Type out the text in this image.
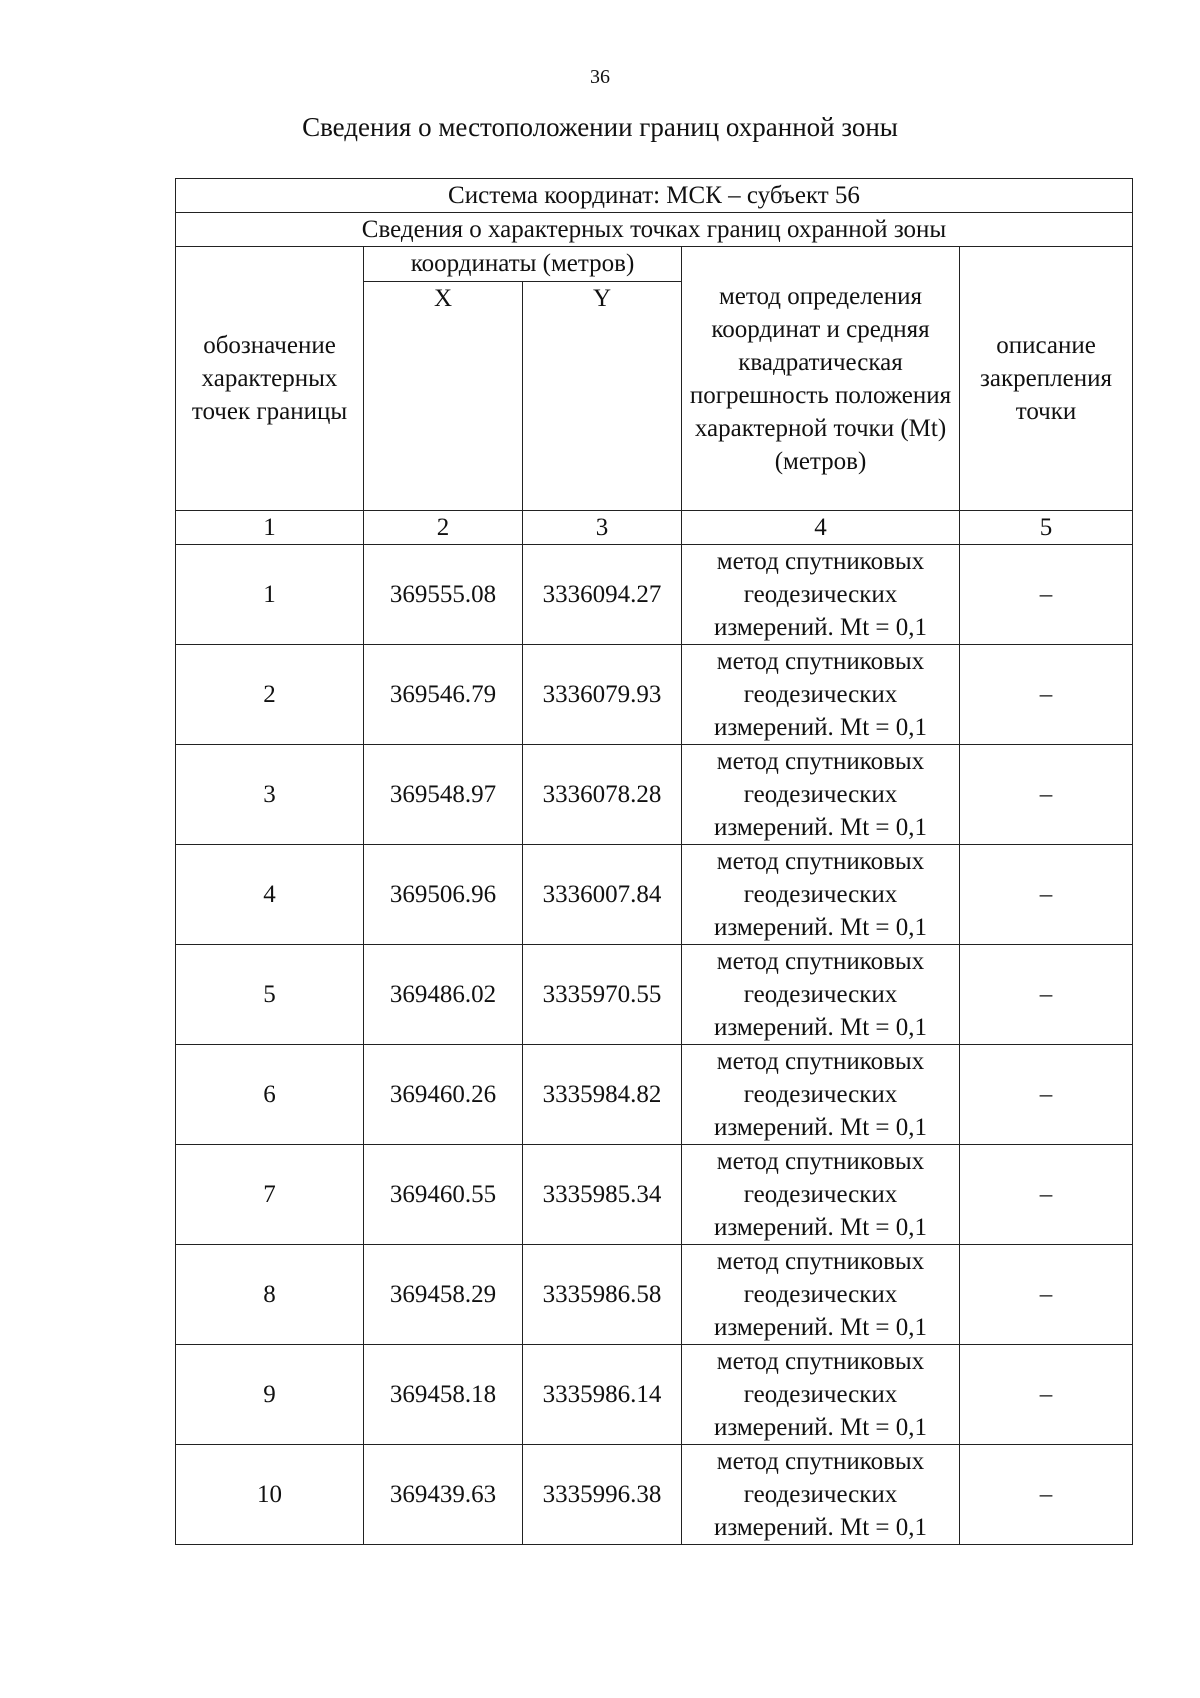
36
Сведения о местоположении границ охранной зоны
Система координат: МСК – субъект 56				
Сведения о характерных точках границ охранной зоны				
обозначение характерных точек границы	координаты (метров)		метод определения координат и средняя квадратическая погрешность положения характерной точки (Mt) (метров)	описание закрепления точки
	X	Y		
1	2	3	4	5
1	369555.08	3336094.27	метод спутниковых геодезических измерений. Mt = 0,1	–
2	369546.79	3336079.93	метод спутниковых геодезических измерений. Mt = 0,1	–
3	369548.97	3336078.28	метод спутниковых геодезических измерений. Mt = 0,1	–
4	369506.96	3336007.84	метод спутниковых геодезических измерений. Mt = 0,1	–
5	369486.02	3335970.55	метод спутниковых геодезических измерений. Mt = 0,1	–
6	369460.26	3335984.82	метод спутниковых геодезических измерений. Mt = 0,1	–
7	369460.55	3335985.34	метод спутниковых геодезических измерений. Mt = 0,1	–
8	369458.29	3335986.58	метод спутниковых геодезических измерений. Mt = 0,1	–
9	369458.18	3335986.14	метод спутниковых геодезических измерений. Mt = 0,1	–
10	369439.63	3335996.38	метод спутниковых геодезических измерений. Mt = 0,1	–
